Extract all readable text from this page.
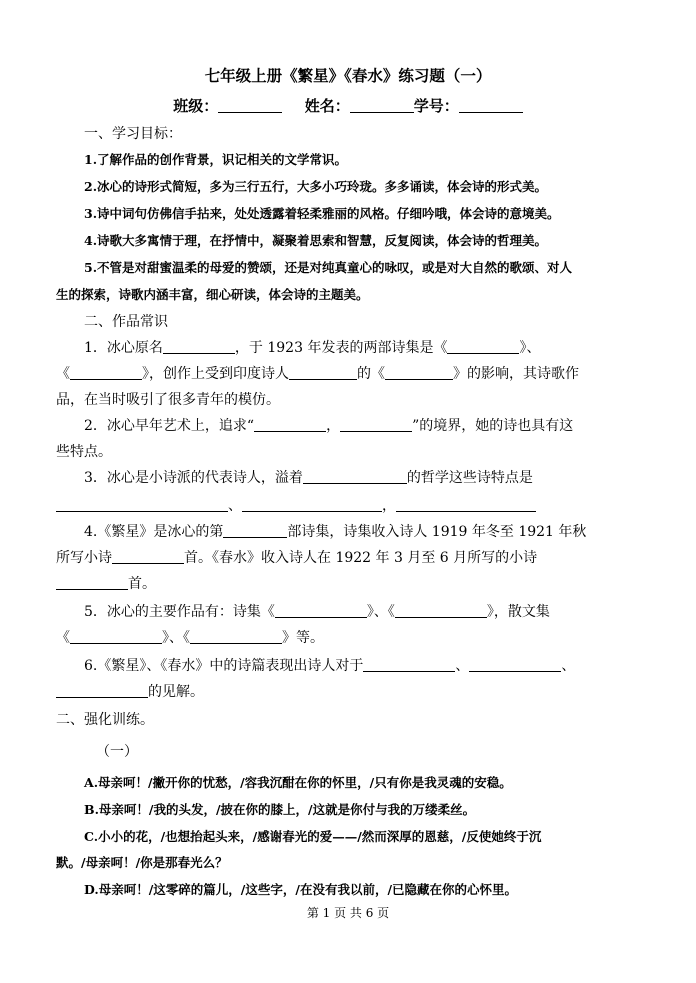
七年级上册《繁星》《春水》练习题（一）
班级：	姓名：	学号：
一、学习目标：
1.了解作品的创作背景，识记相关的文学常识。
2.冰心的诗形式简短，多为三行五行，大多小巧玲珑。多多诵读，体会诗的形式美。
3.诗中词句仿佛信手拈来，处处透露着轻柔雅丽的风格。仔细吟哦，体会诗的意境美。
4.诗歌大多寓情于理，在抒情中，凝聚着思索和智慧，反复阅读，体会诗的哲理美。
5.不管是对甜蜜温柔的母爱的赞颂，还是对纯真童心的咏叹，或是对大自然的歌颂、对人
生的探索，诗歌内涵丰富，细心研读，体会诗的主题美。
二、作品常识
1．冰心原名	，于 1923 年发表的两部诗集是《	》、
《	》，创作上受到印度诗人	的《	》的影响，其诗歌作
品，在当时吸引了很多青年的模仿。
2．冰心早年艺术上，追求“	，	”的境界，她的诗也具有这
些特点。
3．冰心是小诗派的代表诗人，溢着	的哲学这些诗特点是
、	，
4.《繁星》是冰心的第	部诗集，诗集收入诗人 1919 年冬至 1921 年秋
所写小诗	首。《春水》收入诗人在 1922 年 3 月至 6 月所写的小诗
首。
5．冰心的主要作品有：诗集《	》、《	》，散文集
《	》、《	》等。
6.《繁星》、《春水》中的诗篇表现出诗人对于	、	、
的见解。
二、强化训练。
（一）
A.母亲呵！/撇开你的忧愁，/容我沉酣在你的怀里，/只有你是我灵魂的安稳。
B.母亲呵！/我的头发，/披在你的膝上，/这就是你付与我的万缕柔丝。
C.小小的花，/也想抬起头来，/感谢春光的爱——/然而深厚的恩慈，/反使她终于沉
默。/母亲呵！/你是那春光么？
D.母亲呵！/这零碎的篇儿，/这些字，/在没有我以前，/已隐藏在你的心怀里。
第 1 页 共 6 页
